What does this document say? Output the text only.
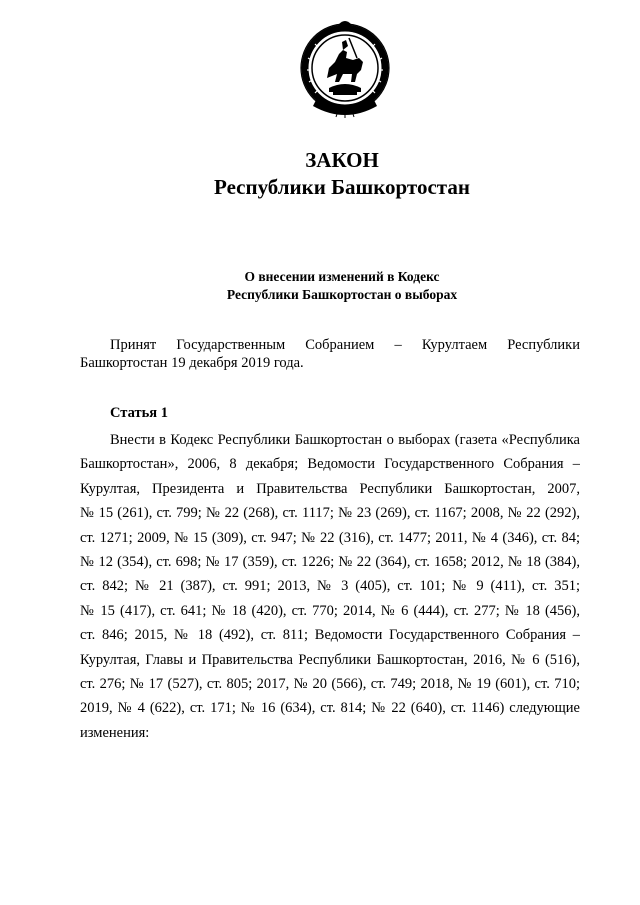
ЗАКОН
Республики Башкортостан
О внесении изменений в Кодекс
Республики Башкортостан о выборах

Принят Государственным Собранием – Курултаем Республики Башкортостан 19 декабря 2019 года.

Статья 1

Внести в Кодекс Республики Башкортостан о выборах (газета «Республика
Башкортостан», 2006, 8 декабря; Ведомости Государственного Собрания –
Курултая, Президента и Правительства Республики Башкортостан, 2007,
№ 15 (261), ст. 799; № 22 (268), ст. 1117; № 23 (269), ст. 1167; 2008, № 22 (292),
ст. 1271; 2009, № 15 (309), ст. 947; № 22 (316), ст. 1477; 2011, № 4 (346), ст. 84;
№ 12 (354), ст. 698; № 17 (359), ст. 1226; № 22 (364), ст. 1658; 2012, № 18 (384),
ст. 842; № 21 (387), ст. 991; 2013, № 3 (405), ст. 101; № 9 (411), ст. 351;
№ 15 (417), ст. 641; № 18 (420), ст. 770; 2014, № 6 (444), ст. 277; № 18 (456),
ст. 846; 2015, № 18 (492), ст. 811; Ведомости Государственного Собрания –
Курултая, Главы и Правительства Республики Башкортостан, 2016, № 6 (516),
ст. 276; № 17 (527), ст. 805; 2017, № 20 (566), ст. 749; 2018, № 19 (601), ст. 710;
2019, № 4 (622), ст. 171; № 16 (634), ст. 814; № 22 (640), ст. 1146) следующие
изменения:
